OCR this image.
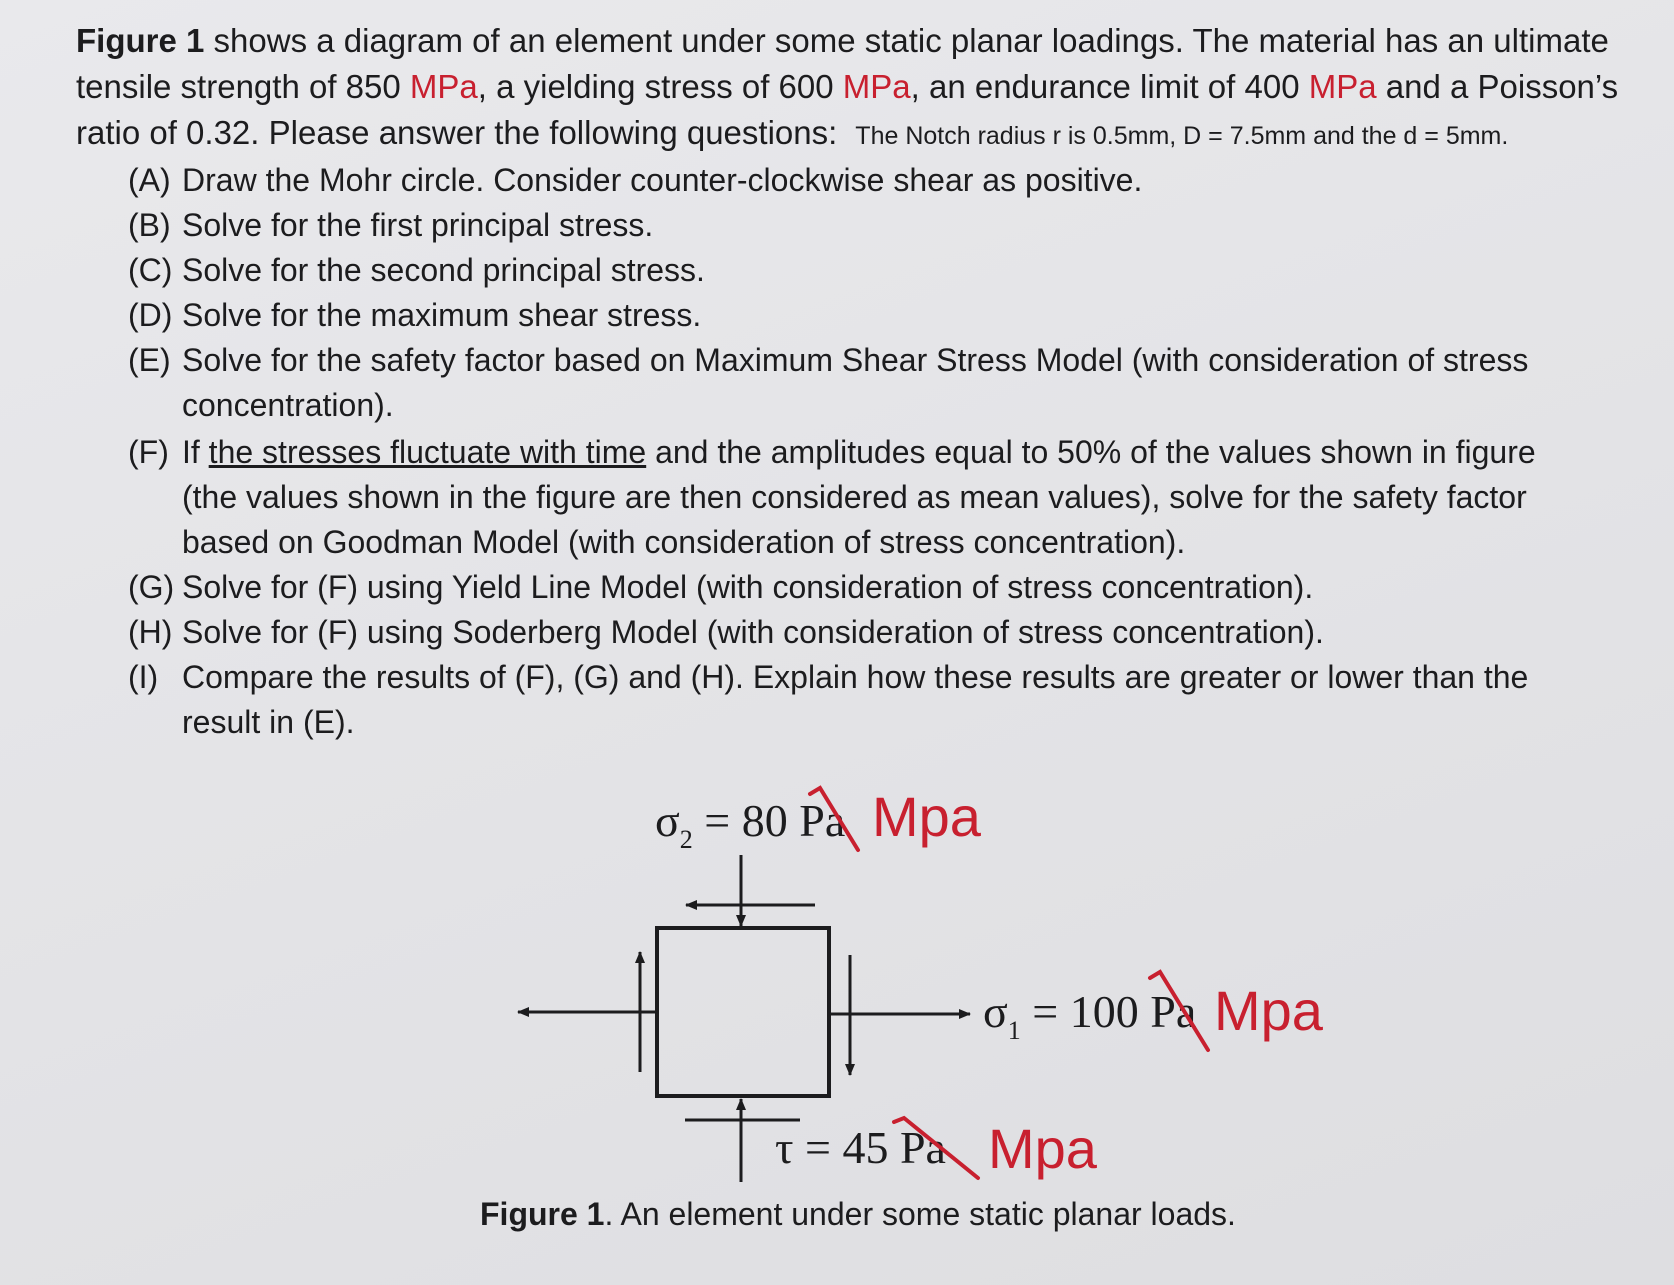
Figure 1 shows a diagram of an element under some static planar loadings. The material has an ultimate tensile strength of 850 MPa, a yielding stress of 600 MPa, an endurance limit of 400 MPa and a Poisson’s ratio of 0.32. Please answer the following questions: The Notch radius r is 0.5mm, D = 7.5mm and the d = 5mm.
(A) Draw the Mohr circle. Consider counter-clockwise shear as positive.
(B) Solve for the first principal stress.
(C) Solve for the second principal stress.
(D) Solve for the maximum shear stress.
(E) Solve for the safety factor based on Maximum Shear Stress Model (with consideration of stress concentration).
(F) If the stresses fluctuate with time and the amplitudes equal to 50% of the values shown in figure (the values shown in the figure are then considered as mean values), solve for the safety factor based on Goodman Model (with consideration of stress concentration).
(G) Solve for (F) using Yield Line Model (with consideration of stress concentration).
(H) Solve for (F) using Soderberg Model (with consideration of stress concentration).
(I) Compare the results of (F), (G) and (H). Explain how these results are greater or lower than the result in (E).
$\sigma_2 = 80$ Pa Mpa
$\sigma_1 = 100$ Pa Mpa
τ = 45 Pa Mpa
Figure 1. An element under some static planar loads.
